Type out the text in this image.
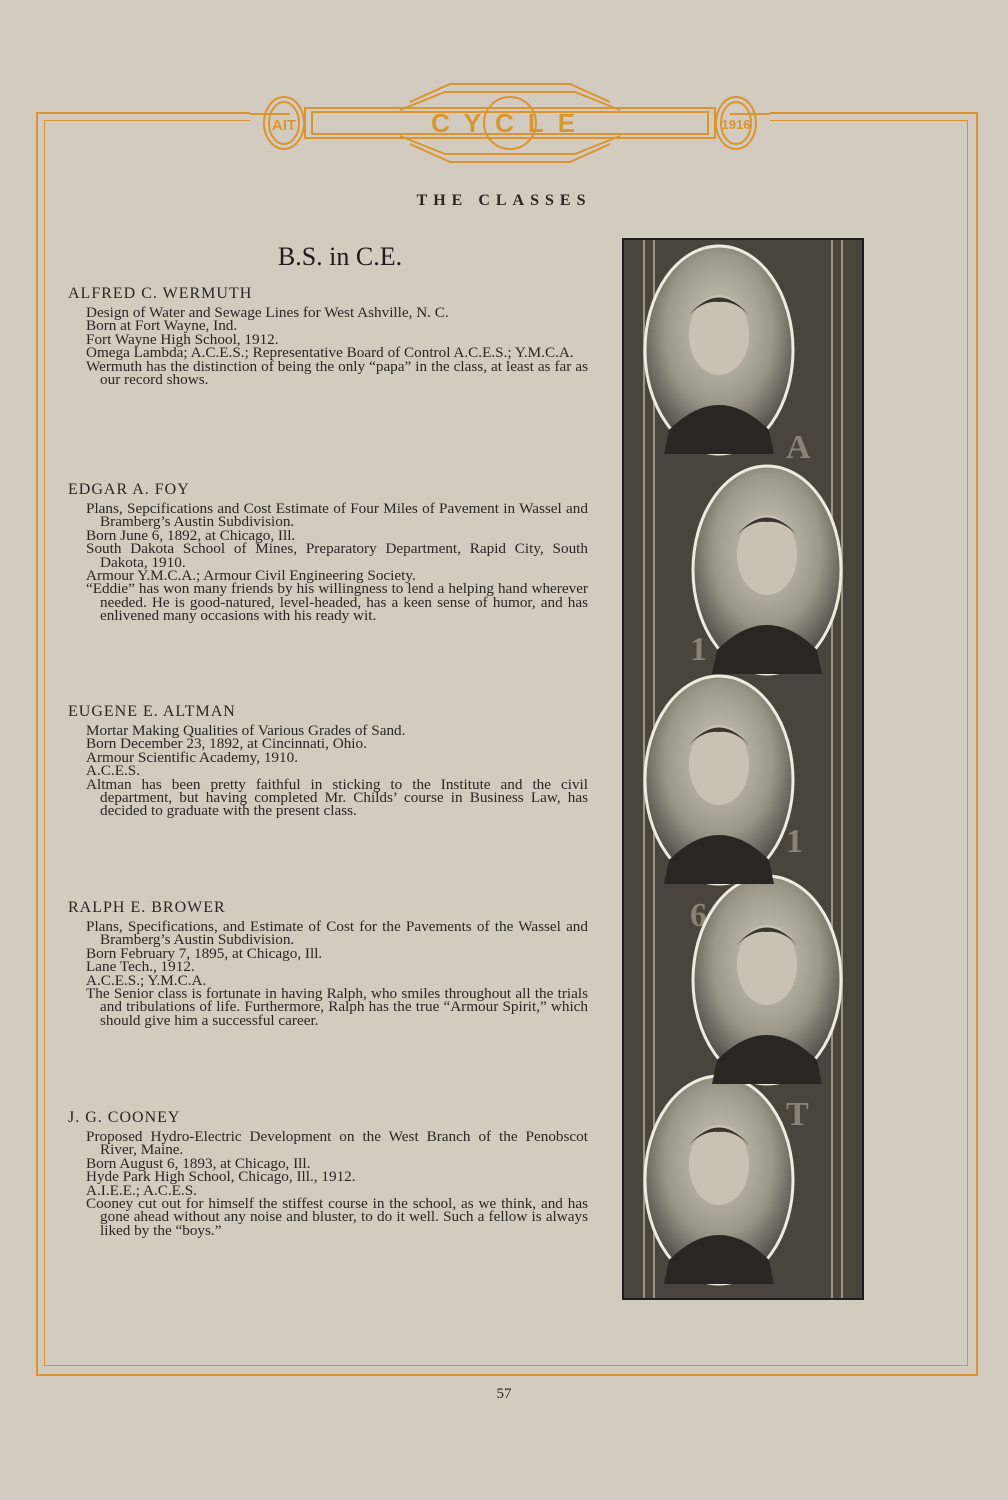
AIT	CYCLE	1916
THE CLASSES
B.S. in C.E.
ALFRED C. WERMUTH
Design of Water and Sewage Lines for West Ashville, N. C.
Born at Fort Wayne, Ind.
Fort Wayne High School, 1912.
Omega Lambda; A.C.E.S.; Representative Board of Control A.C.E.S.; Y.M.C.A.
Wermuth has the distinction of being the only “papa” in the class, at least as far as our record shows.
EDGAR A. FOY
Plans, Sepcifications and Cost Estimate of Four Miles of Pavement in Wassel and Bramberg’s Austin Subdivision.
Born June 6, 1892, at Chicago, Ill.
South Dakota School of Mines, Preparatory Department, Rapid City, South Dakota, 1910.
Armour Y.M.C.A.; Armour Civil Engineering Society.
“Eddie” has won many friends by his willingness to lend a helping hand wherever needed. He is good-natured, level-headed, has a keen sense of humor, and has enlivened many occasions with his ready wit.
EUGENE E. ALTMAN
Mortar Making Qualities of Various Grades of Sand.
Born December 23, 1892, at Cincinnati, Ohio.
Armour Scientific Academy, 1910.
A.C.E.S.
Altman has been pretty faithful in sticking to the Institute and the civil department, but having completed Mr. Childs’ course in Business Law, has decided to graduate with the present class.
RALPH E. BROWER
Plans, Specifications, and Estimate of Cost for the Pavements of the Wassel and Bramberg’s Austin Subdivision.
Born February 7, 1895, at Chicago, Ill.
Lane Tech., 1912.
A.C.E.S.; Y.M.C.A.
The Senior class is fortunate in having Ralph, who smiles throughout all the trials and tribulations of life. Furthermore, Ralph has the true “Armour Spirit,” which should give him a successful career.
J. G. COONEY
Proposed Hydro-Electric Development on the West Branch of the Penobscot River, Maine.
Born August 6, 1893, at Chicago, Ill.
Hyde Park High School, Chicago, Ill., 1912.
A.I.E.E.; A.C.E.S.
Cooney cut out for himself the stiffest course in the school, as we think, and has gone ahead without any noise and bluster, to do it well. Such a fellow is always liked by the “boys.”
A
1
1
6
T
57
